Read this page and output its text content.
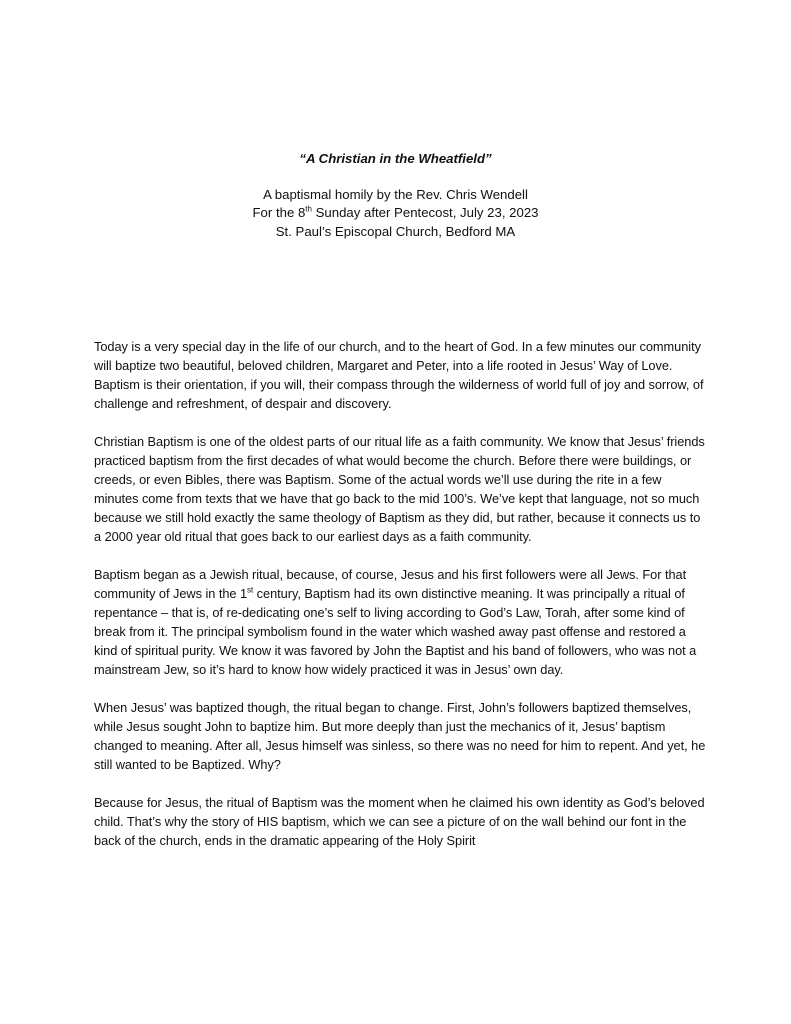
“A Christian in the Wheatfield”

A baptismal homily by the Rev. Chris Wendell

For the 8th Sunday after Pentecost, July 23, 2023

St. Paul’s Episcopal Church, Bedford MA

Today is a very special day in the life of our church, and to the heart of God. In a few minutes our community will baptize two beautiful, beloved children, Margaret and Peter, into a life rooted in Jesus’ Way of Love. Baptism is their orientation, if you will, their compass through the wilderness of world full of joy and sorrow, of challenge and refreshment, of despair and discovery.

Christian Baptism is one of the oldest parts of our ritual life as a faith community. We know that Jesus’ friends practiced baptism from the first decades of what would become the church. Before there were buildings, or creeds, or even Bibles, there was Baptism. Some of the actual words we’ll use during the rite in a few minutes come from texts that we have that go back to the mid 100’s. We’ve kept that language, not so much because we still hold exactly the same theology of Baptism as they did, but rather, because it connects us to a 2000 year old ritual that goes back to our earliest days as a faith community.

Baptism began as a Jewish ritual, because, of course, Jesus and his first followers were all Jews. For that community of Jews in the 1st century, Baptism had its own distinctive meaning. It was principally a ritual of repentance – that is, of re-dedicating one’s self to living according to God’s Law, Torah, after some kind of break from it. The principal symbolism found in the water which washed away past offense and restored a kind of spiritual purity. We know it was favored by John the Baptist and his band of followers, who was not a mainstream Jew, so it’s hard to know how widely practiced it was in Jesus’ own day.

When Jesus’ was baptized though, the ritual began to change. First, John’s followers baptized themselves, while Jesus sought John to baptize him. But more deeply than just the mechanics of it, Jesus’ baptism changed to meaning. After all, Jesus himself was sinless, so there was no need for him to repent. And yet, he still wanted to be Baptized. Why?

Because for Jesus, the ritual of Baptism was the moment when he claimed his own identity as God’s beloved child. That’s why the story of HIS baptism, which we can see a picture of on the wall behind our font in the back of the church, ends in the dramatic appearing of the Holy Spirit
